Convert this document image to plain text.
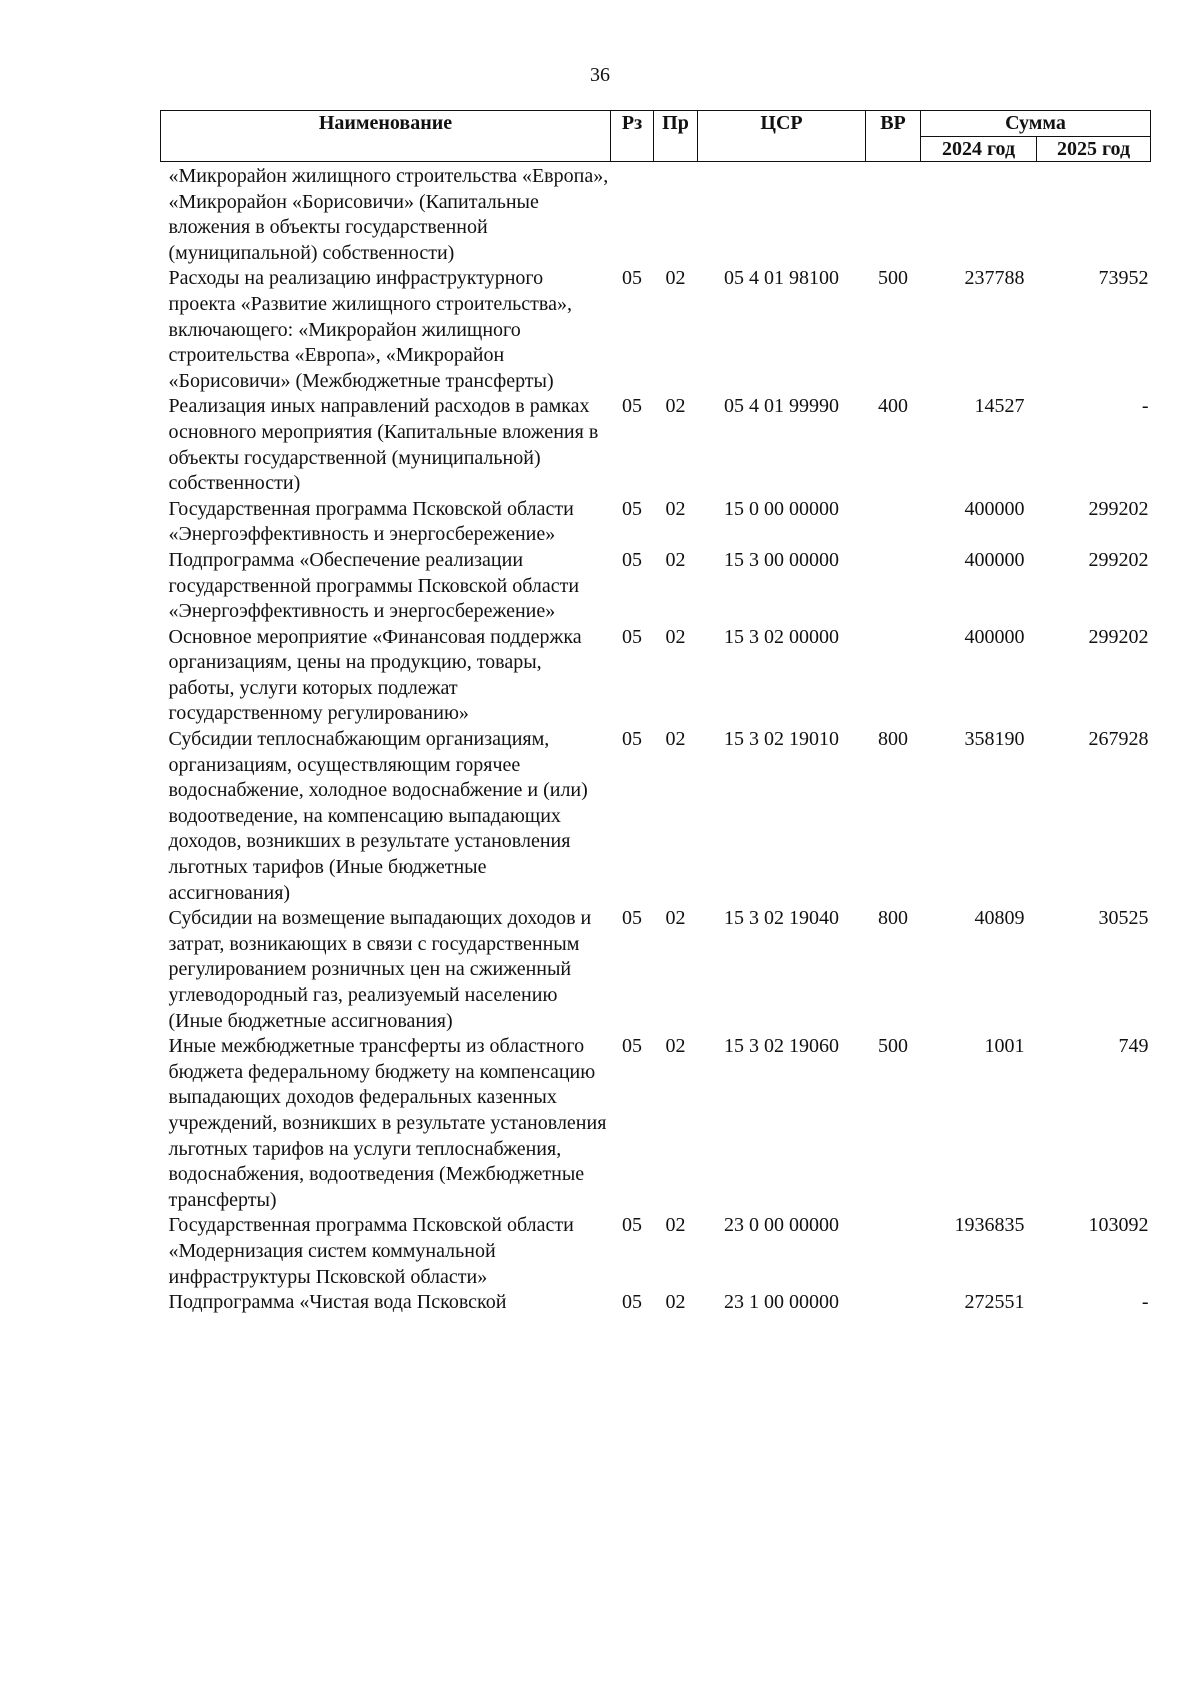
36
Наименование	Рз	Пр	ЦСР	ВР	Сумма	
					2024 год	2025 год
«Микрорайон жилищного строительства «Европа», «Микрорайон «Борисовичи» (Капитальные вложения в объекты государственной (муниципальной) собственности)						
Расходы на реализацию инфраструктурного проекта «Развитие жилищного строительства», включающего: «Микрорайон жилищного строительства «Европа», «Микрорайон «Борисовичи» (Межбюджетные трансферты)	05	02	05 4 01 98100	500	237788	73952
Реализация иных направлений расходов в рамках основного мероприятия (Капитальные вложения в объекты государственной (муниципальной) собственности)	05	02	05 4 01 99990	400	14527	-
Государственная программа Псковской области «Энергоэффективность и энергосбережение»	05	02	15 0 00 00000		400000	299202
Подпрограмма «Обеспечение реализации государственной программы Псковской области «Энергоэффективность и энергосбережение»	05	02	15 3 00 00000		400000	299202
Основное мероприятие «Финансовая поддержка организациям, цены на продукцию, товары, работы, услуги которых подлежат государственному регулированию»	05	02	15 3 02 00000		400000	299202
Субсидии теплоснабжающим организациям, организациям, осуществляющим горячее водоснабжение, холодное водоснабжение и (или) водоотведение, на компенсацию выпадающих доходов, возникших в результате установления льготных тарифов (Иные бюджетные ассигнования)	05	02	15 3 02 19010	800	358190	267928
Субсидии на возмещение выпадающих доходов и затрат, возникающих в связи с государственным регулированием розничных цен на сжиженный углеводородный газ, реализуемый населению (Иные бюджетные ассигнования)	05	02	15 3 02 19040	800	40809	30525
Иные межбюджетные трансферты из областного бюджета федеральному бюджету на компенсацию выпадающих доходов федеральных казенных учреждений, возникших в результате установления льготных тарифов на услуги теплоснабжения, водоснабжения, водоотведения (Межбюджетные трансферты)	05	02	15 3 02 19060	500	1001	749
Государственная программа Псковской области «Модернизация систем коммунальной инфраструктуры Псковской области»	05	02	23 0 00 00000		1936835	103092
Подпрограмма «Чистая вода Псковской	05	02	23 1 00 00000		272551	-
